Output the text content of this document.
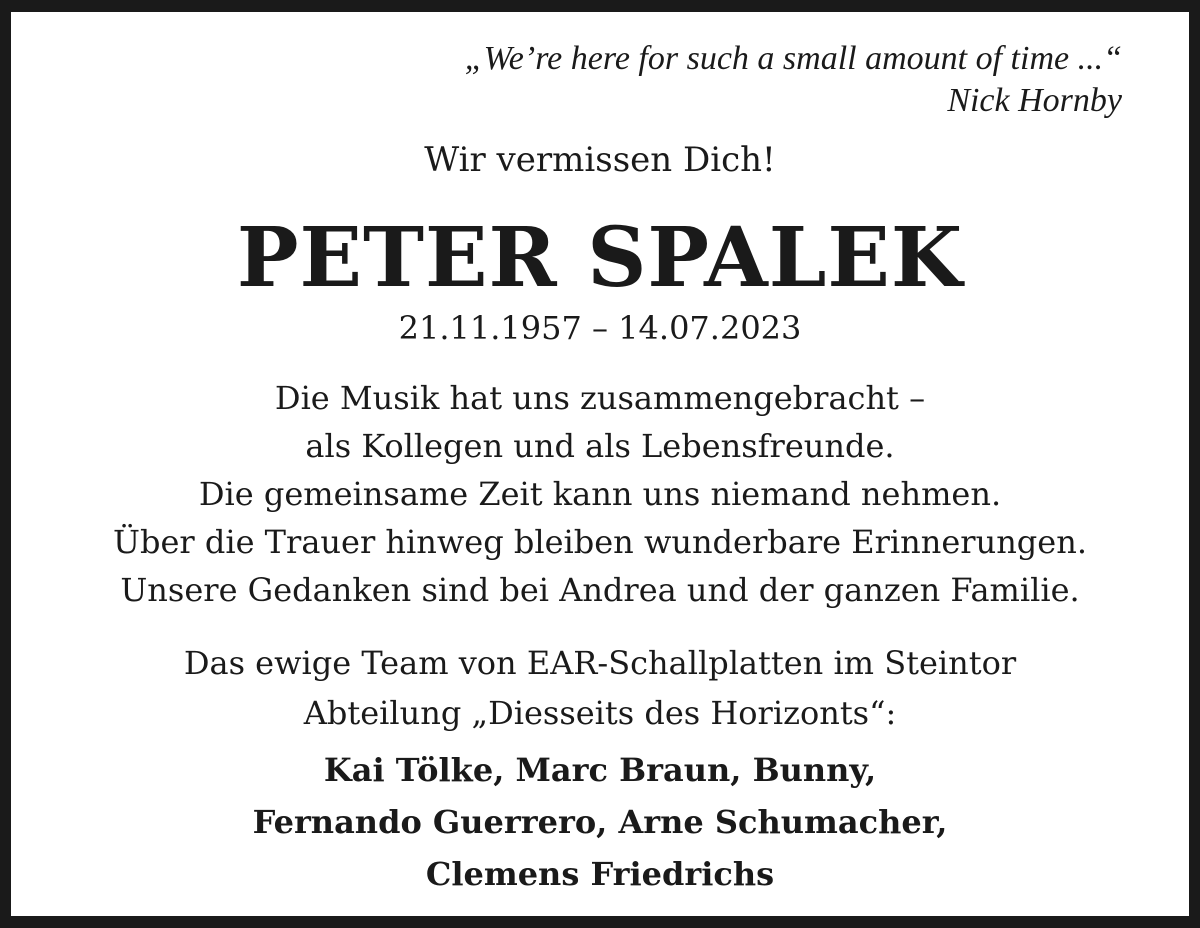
„We’re here for such a small amount of time ...“
Nick Hornby
Wir vermissen Dich!
PETER SPALEK
21.11.1957 – 14.07.2023
Die Musik hat uns zusammengebracht –
als Kollegen und als Lebensfreunde.
Die gemeinsame Zeit kann uns niemand nehmen.
Über die Trauer hinweg bleiben wunderbare Erinnerungen.
Unsere Gedanken sind bei Andrea und der ganzen Familie.
Das ewige Team von EAR-Schallplatten im Steintor
Abteilung „Diesseits des Horizonts“:
Kai Tölke, Marc Braun, Bunny,
Fernando Guerrero, Arne Schumacher,
Clemens Friedrichs
